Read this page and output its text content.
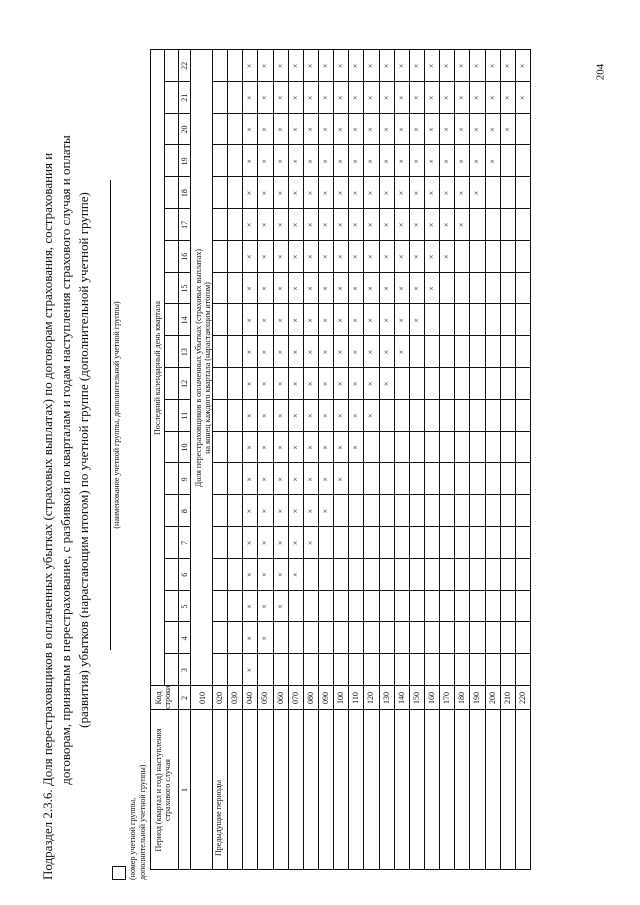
204
Подраздел 2.3.6. Доля перестраховщиков в оплаченных убытках (страховых выплатах) по договорам страхования, сострахования и договорам, принятым в перестрахование, с разбивкой по кварталам и годам наступления страхового случая и оплаты (развития) убытков (нарастающим итогом) по учетной группе (дополнительной учетной группе)
(номер учетной группы, дополнительной учетной группы)
(наименование учетной группы, дополнительной учетной группы)
Период (квартал и год) наступления страхового случая
Код строки
Последний календарный день квартала
1
2
3
4
5
6
7
8
9
10
11
12
13
14
15
16
17
18
19
20
21
22
Доля перестраховщиков в оплаченных убытках (страховых выплатах) на конец каждого квартала (нарастающим итогом)
010
Предыдущие периоды
020 030 040
×
×
×
×
×
×
×
×
×
×
×
×
×
×
×
×
×
×
×
×
050
×
×
×
×
×
×
×
×
×
×
×
×
×
×
×
×
×
×
×
060
×
×
×
×
×
×
×
×
×
×
×
×
×
×
×
×
×
×
070
×
×
×
×
×
×
×
×
×
×
×
×
×
×
×
×
×
080
×
×
×
×
×
×
×
×
×
×
×
×
×
×
×
×
090
×
×
×
×
×
×
×
×
×
×
×
×
×
×
×
100
×
×
×
×
×
×
×
×
×
×
×
×
×
×
110
×
×
×
×
×
×
×
×
×
×
×
×
×
120
×
×
×
×
×
×
×
×
×
×
×
×
130
×
×
×
×
×
×
×
×
×
×
×
140
×
×
×
×
×
×
×
×
×
×
150
×
×
×
×
×
×
×
×
×
160
×
×
×
×
×
×
×
×
170
×
×
×
×
×
×
×
180
×
×
×
×
×
×
190
×
×
×
×
×
200
×
×
×
×
210
×
×
×
220
×
×
